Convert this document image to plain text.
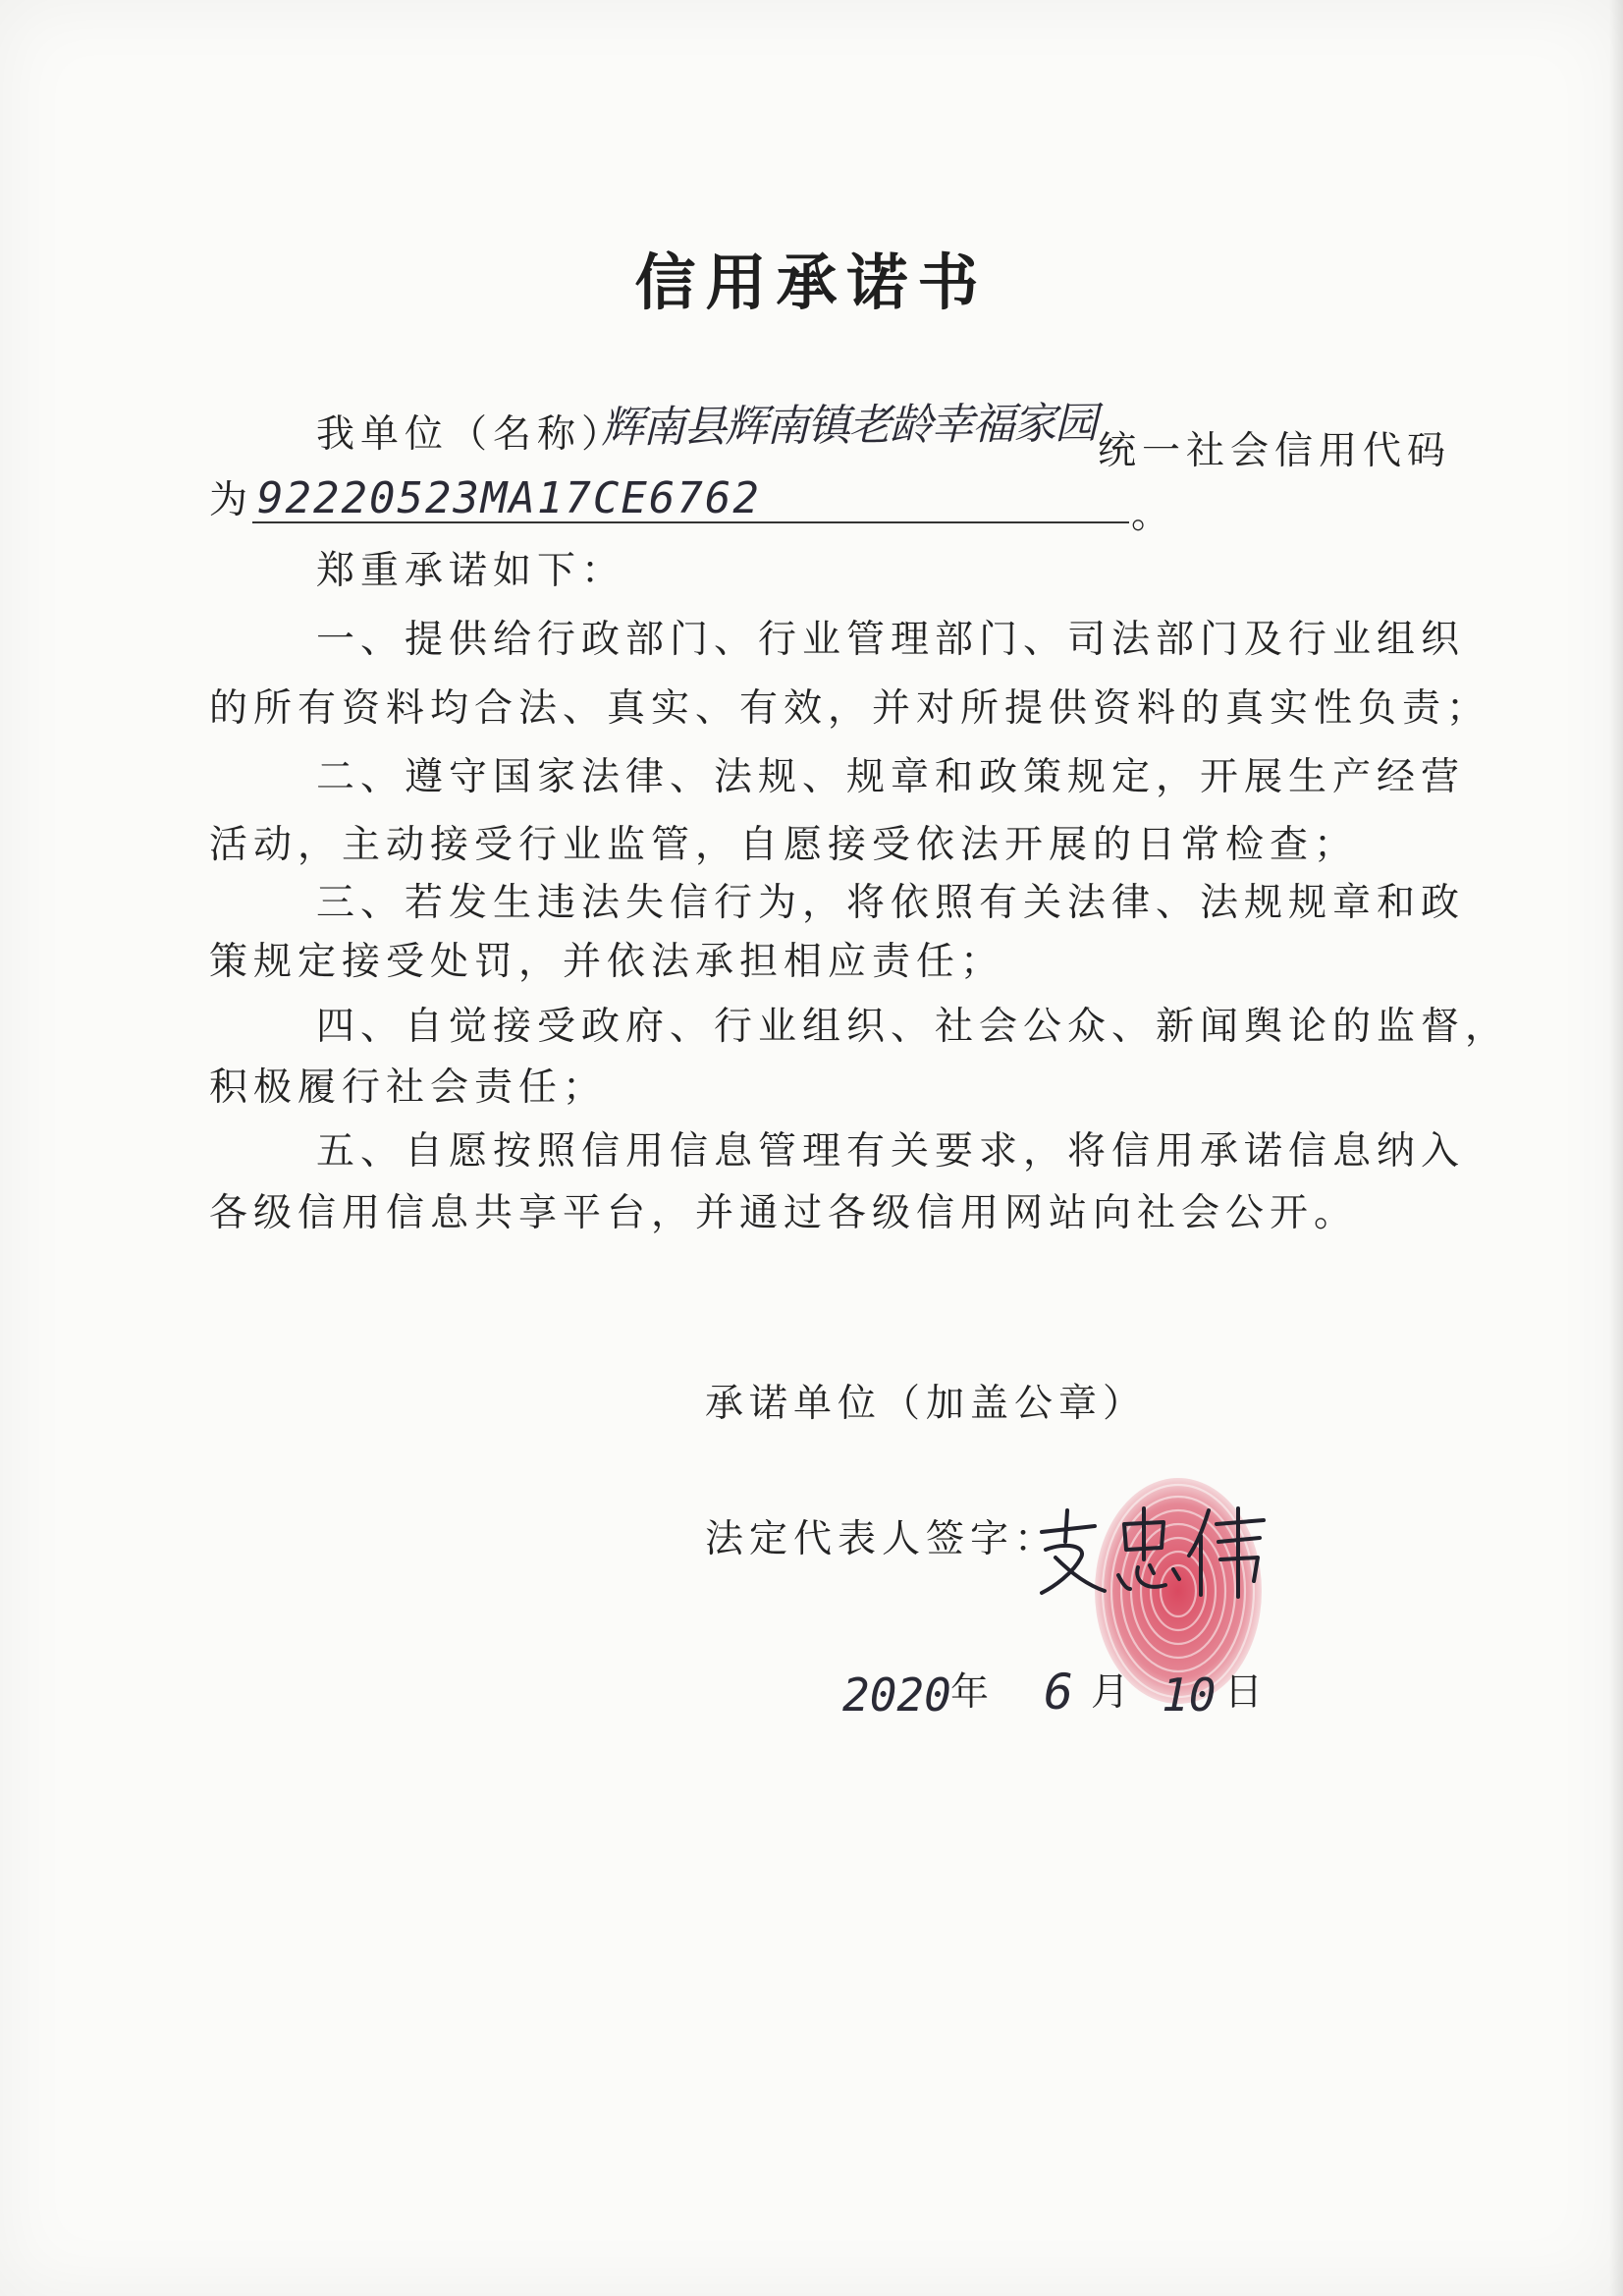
信用承诺书
我单位（名称）
辉南县辉南镇老龄幸福家园 统一社会信用代码
为 92220523MA17CE6762	。
郑重承诺如下：
一、提供给行政部门、行业管理部门、司法部门及行业组织
的所有资料均合法、真实、有效，并对所提供资料的真实性负责；
二、遵守国家法律、法规、规章和政策规定，开展生产经营
活动，主动接受行业监管，自愿接受依法开展的日常检查；
三、若发生违法失信行为，将依照有关法律、法规规章和政
策规定接受处罚，并依法承担相应责任；
四、自觉接受政府、行业组织、社会公众、新闻舆论的监督，
积极履行社会责任；
五、自愿按照信用信息管理有关要求，将信用承诺信息纳入
各级信用信息共享平台，并通过各级信用网站向社会公开。
承诺单位（加盖公章）
法定代表人签字：
2020 年 6 月 10 日
